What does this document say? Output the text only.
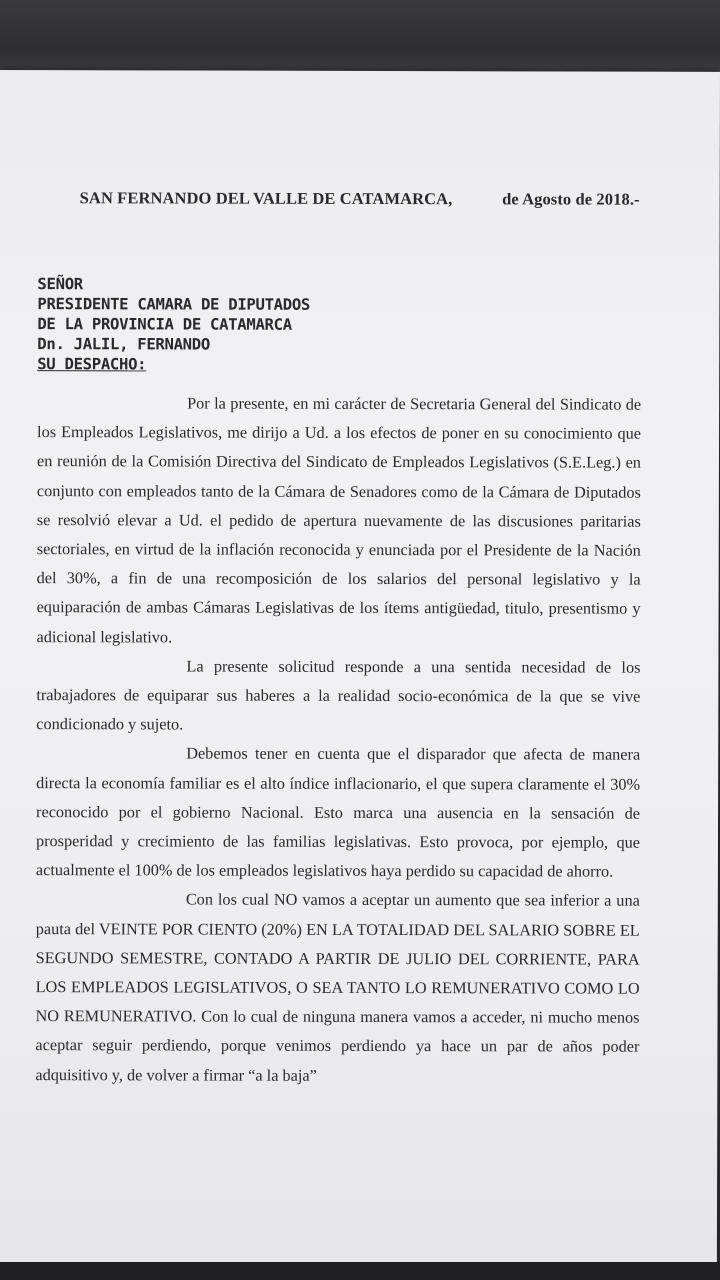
SAN FERNANDO DEL VALLE DE CATAMARCA,	de Agosto de 2018.-
SEÑOR
PRESIDENTE CAMARA DE DIPUTADOS
DE LA PROVINCIA DE CATAMARCA
Dn. JALIL, FERNANDO
SU DESPACHO:

Por la presente, en mi carácter de Secretaria General del Sindicato de los Empleados Legislativos, me dirijo a Ud. a los efectos de poner en su conocimiento que en reunión de la Comisión Directiva del Sindicato de Empleados Legislativos (S.E.Leg.) en conjunto con empleados tanto de la Cámara de Senadores como de la Cámara de Diputados se resolvió elevar a Ud. el pedido de apertura nuevamente de las discusiones paritarias sectoriales, en virtud de la inflación reconocida y enunciada por el Presidente de la Nación del 30%, a fin de una recomposición de los salarios del personal legislativo y la equiparación de ambas Cámaras Legislativas de los ítems antigüedad, titulo, presentismo y adicional legislativo.

La presente solicitud responde a una sentida necesidad de los trabajadores de equiparar sus haberes a la realidad socio-económica de la que se vive condicionado y sujeto.

Debemos tener en cuenta que el disparador que afecta de manera directa la economía familiar es el alto índice inflacionario, el que supera claramente el 30% reconocido por el gobierno Nacional. Esto marca una ausencia en la sensación de prosperidad y crecimiento de las familias legislativas. Esto provoca, por ejemplo, que actualmente el 100% de los empleados legislativos haya perdido su capacidad de ahorro.

Con los cual NO vamos a aceptar un aumento que sea inferior a una pauta del VEINTE POR CIENTO (20%) EN LA TOTALIDAD DEL SALARIO SOBRE EL SEGUNDO SEMESTRE, CONTADO A PARTIR DE JULIO DEL CORRIENTE, PARA LOS EMPLEADOS LEGISLATIVOS, O SEA TANTO LO REMUNERATIVO COMO LO NO REMUNERATIVO. Con lo cual de ninguna manera vamos a acceder, ni mucho menos aceptar seguir perdiendo, porque venimos perdiendo ya hace un par de años poder adquisitivo y, de volver a firmar “a la baja”
